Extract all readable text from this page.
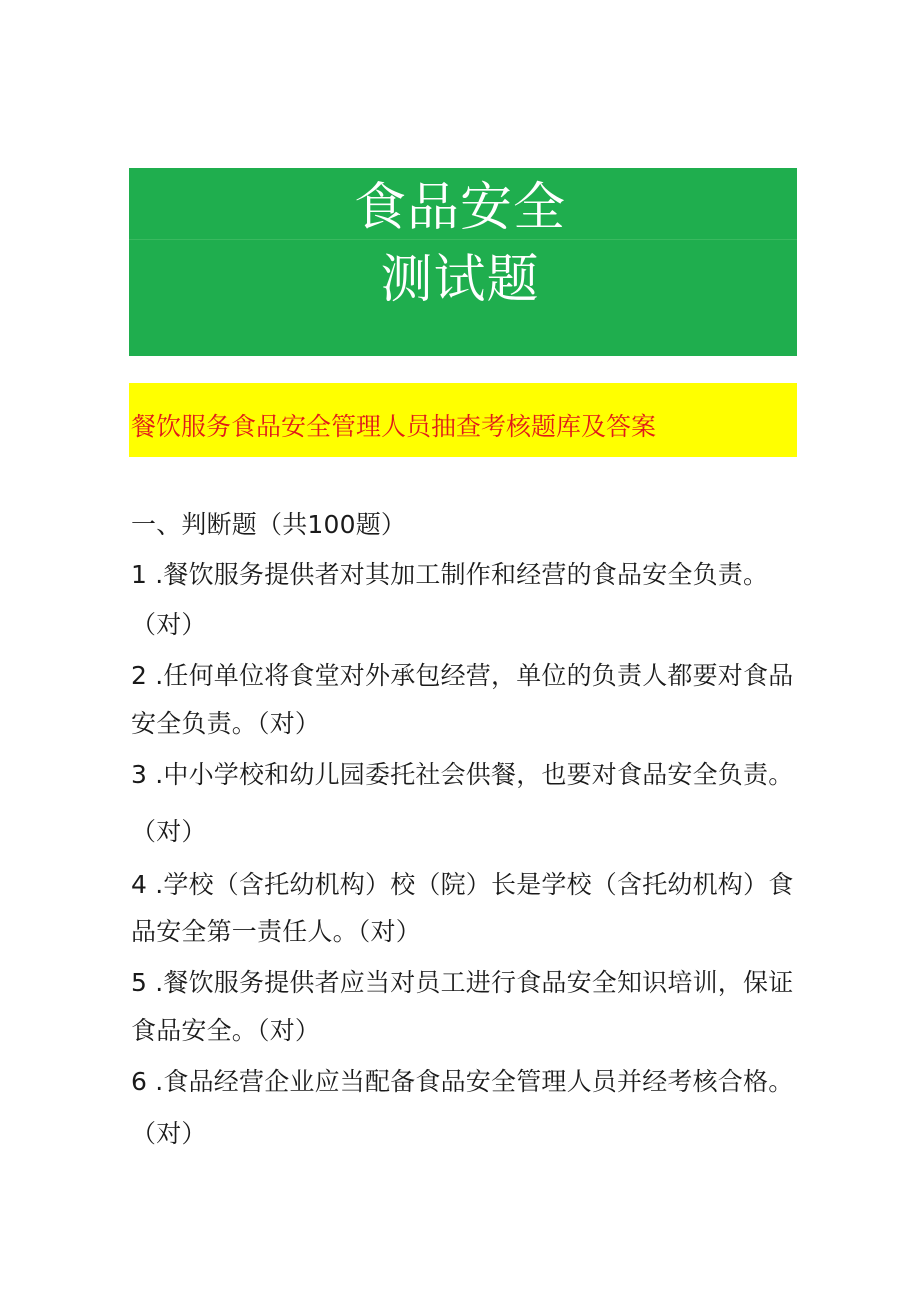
食品安全
测试题
餐饮服务食品安全管理人员抽查考核题库及答案
一、判断题（共100题）
1 .餐饮服务提供者对其加工制作和经营的食品安全负责。
（对）
2 .任何单位将食堂对外承包经营，单位的负责人都要对食品
安全负责。（对）
3 .中小学校和幼儿园委托社会供餐，也要对食品安全负责。
（对）
4 .学校（含托幼机构）校（院）长是学校（含托幼机构）食
品安全第一责任人。（对）
5 .餐饮服务提供者应当对员工进行食品安全知识培训，保证
食品安全。（对）
6 .食品经营企业应当配备食品安全管理人员并经考核合格。
（对）
